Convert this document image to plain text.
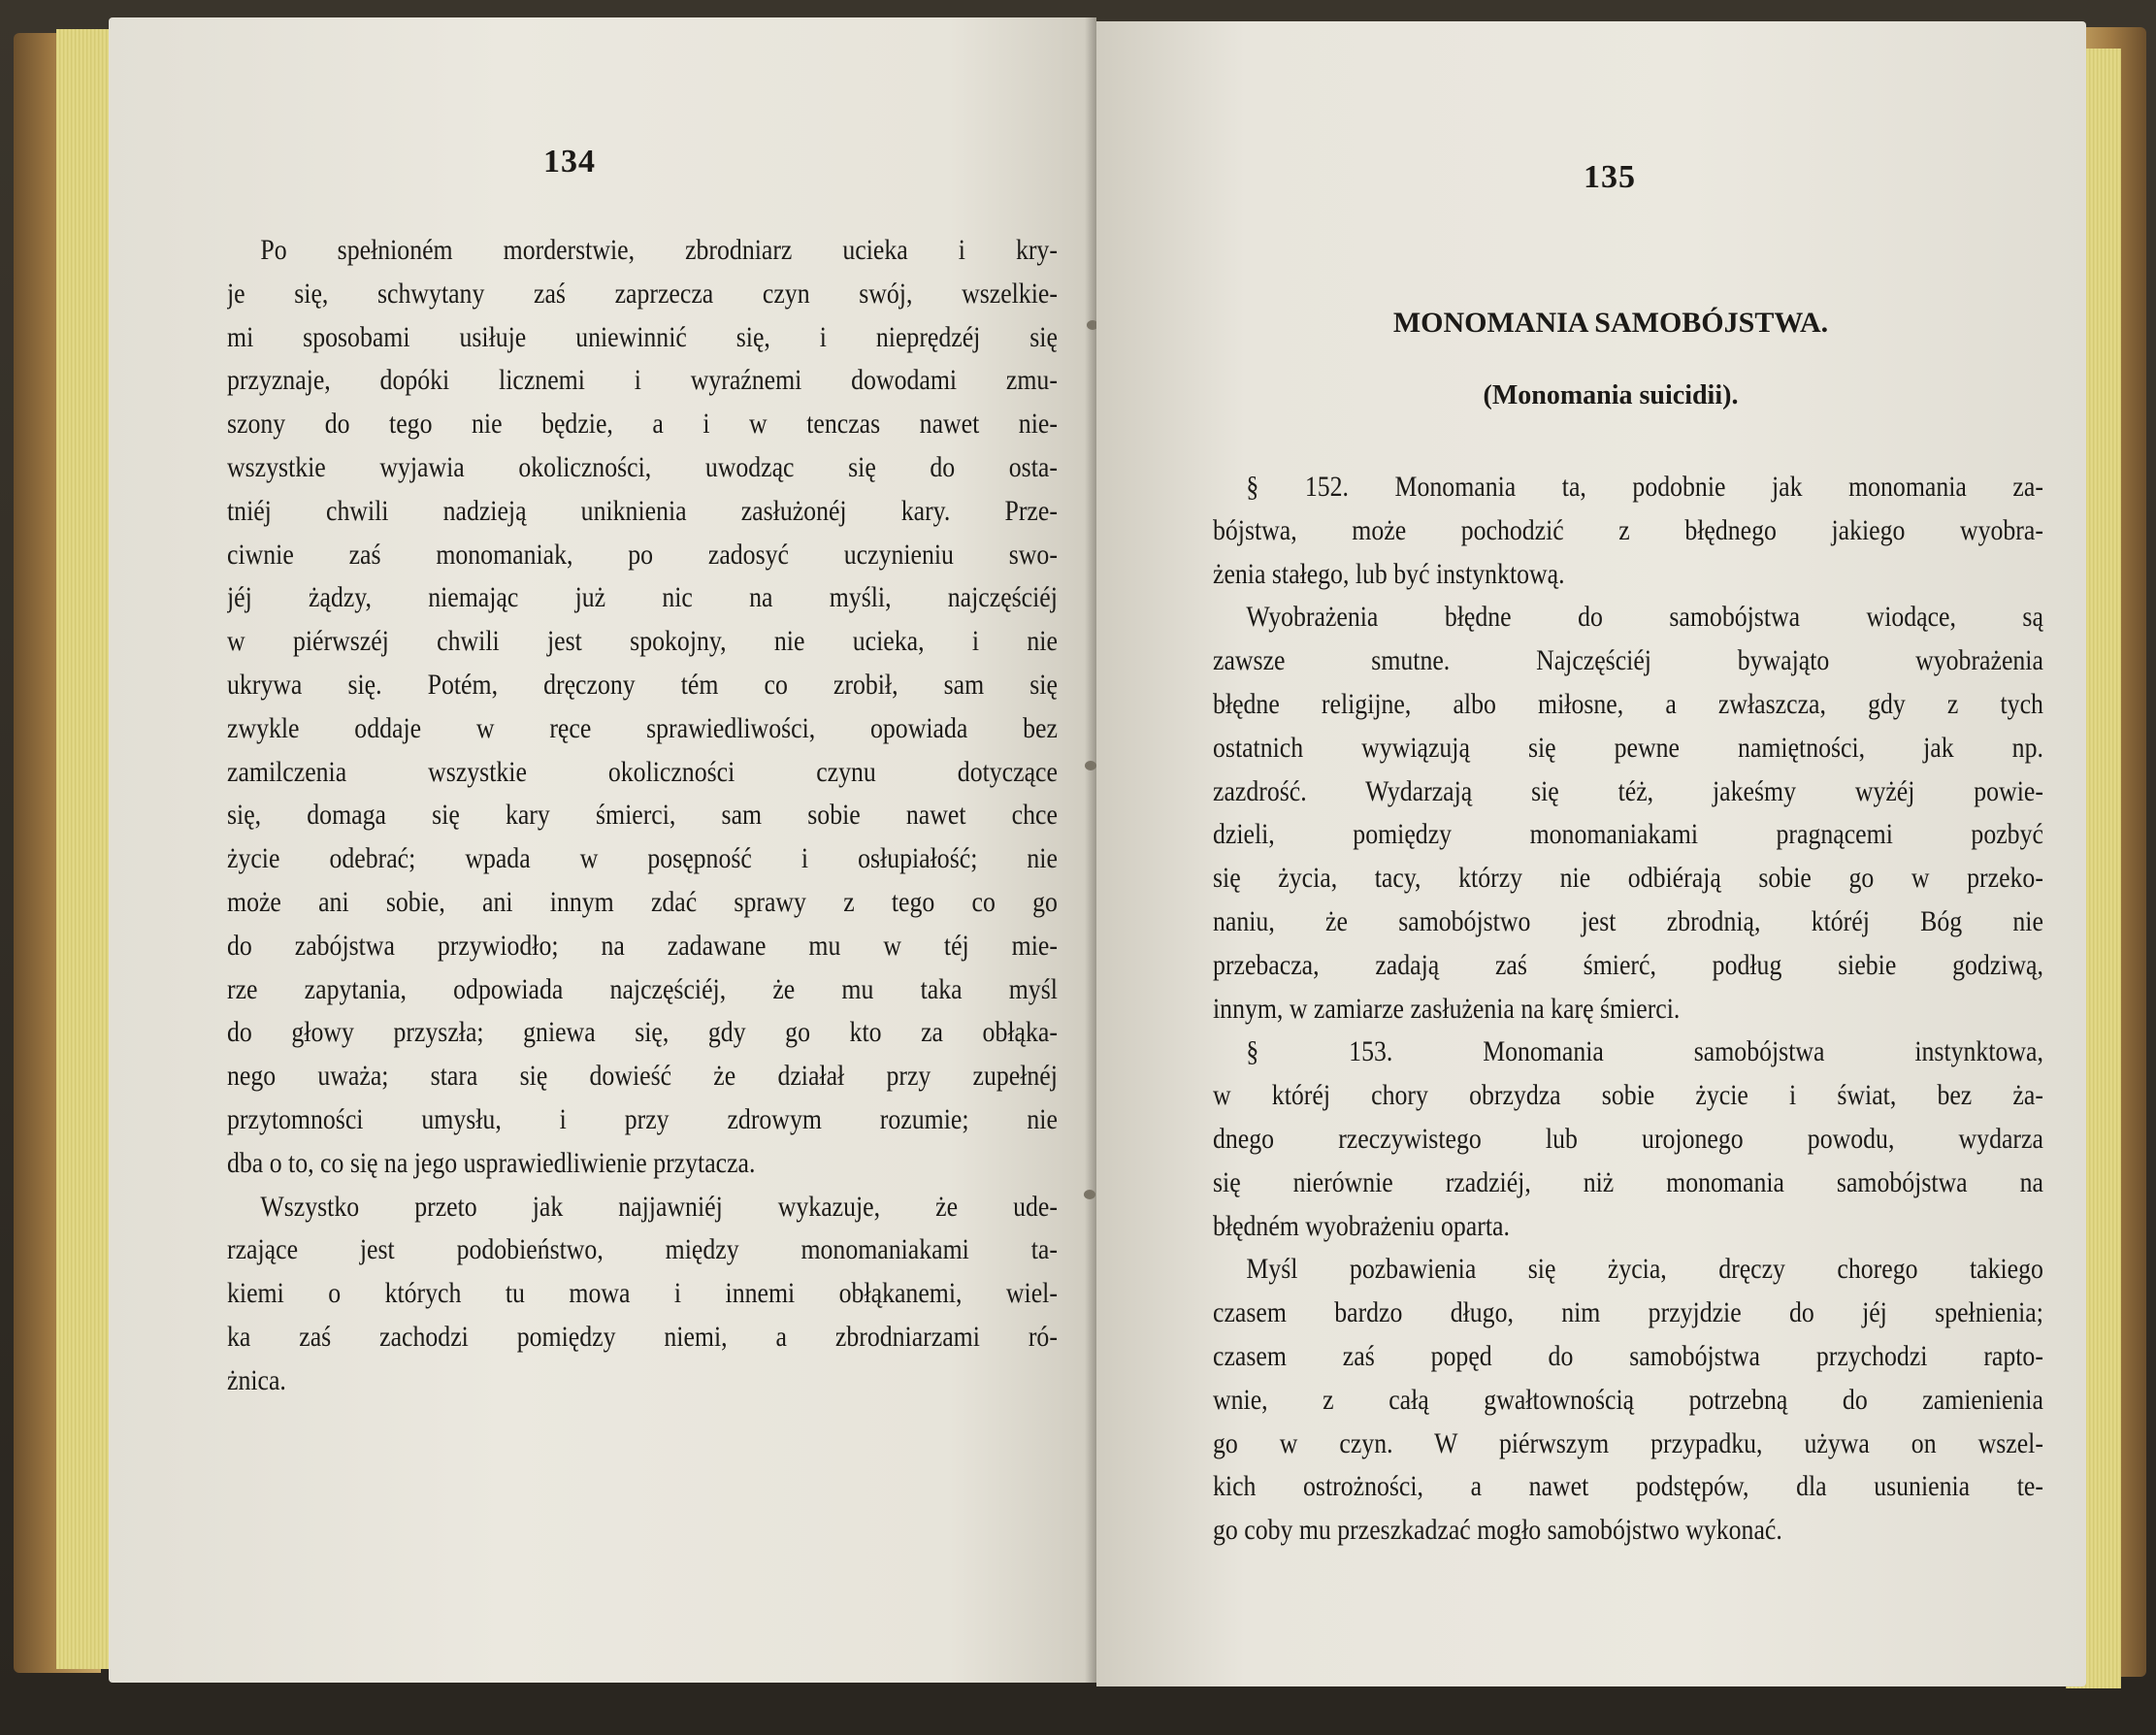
134
Po spełnioném morderstwie, zbrodniarz ucieka i kry-
je się, schwytany zaś zaprzecza czyn swój, wszelkie-
mi sposobami usiłuje uniewinnić się, i nieprędzéj się
przyznaje, dopóki licznemi i wyraźnemi dowodami zmu-
szony do tego nie będzie, a i w tenczas nawet nie-
wszystkie wyjawia okoliczności, uwodząc się do osta-
tniéj chwili nadzieją uniknienia zasłużonéj kary. Prze-
ciwnie zaś monomaniak, po zadosyć uczynieniu swo-
jéj żądzy, niemając już nic na myśli, najczęściéj
w piérwszéj chwili jest spokojny, nie ucieka, i nie
ukrywa się. Potém, dręczony tém co zrobił, sam się
zwykle oddaje w ręce sprawiedliwości, opowiada bez
zamilczenia wszystkie okoliczności czynu dotyczące
się, domaga się kary śmierci, sam sobie nawet chce
życie odebrać; wpada w posępność i osłupiałość; nie
może ani sobie, ani innym zdać sprawy z tego co go
do zabójstwa przywiodło; na zadawane mu w téj mie-
rze zapytania, odpowiada najczęściéj, że mu taka myśl
do głowy przyszła; gniewa się, gdy go kto za obłąka-
nego uważa; stara się dowieść że działał przy zupełnéj
przytomności umysłu, i przy zdrowym rozumie; nie
dba o to, co się na jego usprawiedliwienie przytacza.
Wszystko przeto jak najjawniéj wykazuje, że ude-
rzające jest podobieństwo, między monomaniakami ta-
kiemi o których tu mowa i innemi obłąkanemi, wiel-
ka zaś zachodzi pomiędzy niemi, a zbrodniarzami ró-
żnica.
135
MONOMANIA SAMOBÓJSTWA.
(Monomania suicidii).
§ 152. Monomania ta, podobnie jak monomania za-
bójstwa, może pochodzić z błędnego jakiego wyobra-
żenia stałego, lub być instynktową.
Wyobrażenia błędne do samobójstwa wiodące, są
zawsze smutne. Najczęściéj bywająto wyobrażenia
błędne religijne, albo miłosne, a zwłaszcza, gdy z tych
ostatnich wywiązują się pewne namiętności, jak np.
zazdrość. Wydarzają się téż, jakeśmy wyżéj powie-
dzieli, pomiędzy monomaniakami pragnącemi pozbyć
się życia, tacy, którzy nie odbiérają sobie go w przeko-
naniu, że samobójstwo jest zbrodnią, któréj Bóg nie
przebacza, zadają zaś śmierć, podług siebie godziwą,
innym, w zamiarze zasłużenia na karę śmierci.
§ 153. Monomania samobójstwa instynktowa,
w któréj chory obrzydza sobie życie i świat, bez ża-
dnego rzeczywistego lub urojonego powodu, wydarza
się nierównie rzadziéj, niż monomania samobójstwa na
błędném wyobrażeniu oparta.
Myśl pozbawienia się życia, dręczy chorego takiego
czasem bardzo długo, nim przyjdzie do jéj spełnienia;
czasem zaś popęd do samobójstwa przychodzi rapto-
wnie, z całą gwałtownością potrzebną do zamienienia
go w czyn. W piérwszym przypadku, używa on wszel-
kich ostrożności, a nawet podstępów, dla usunienia te-
go coby mu przeszkadzać mogło samobójstwo wykonać.
